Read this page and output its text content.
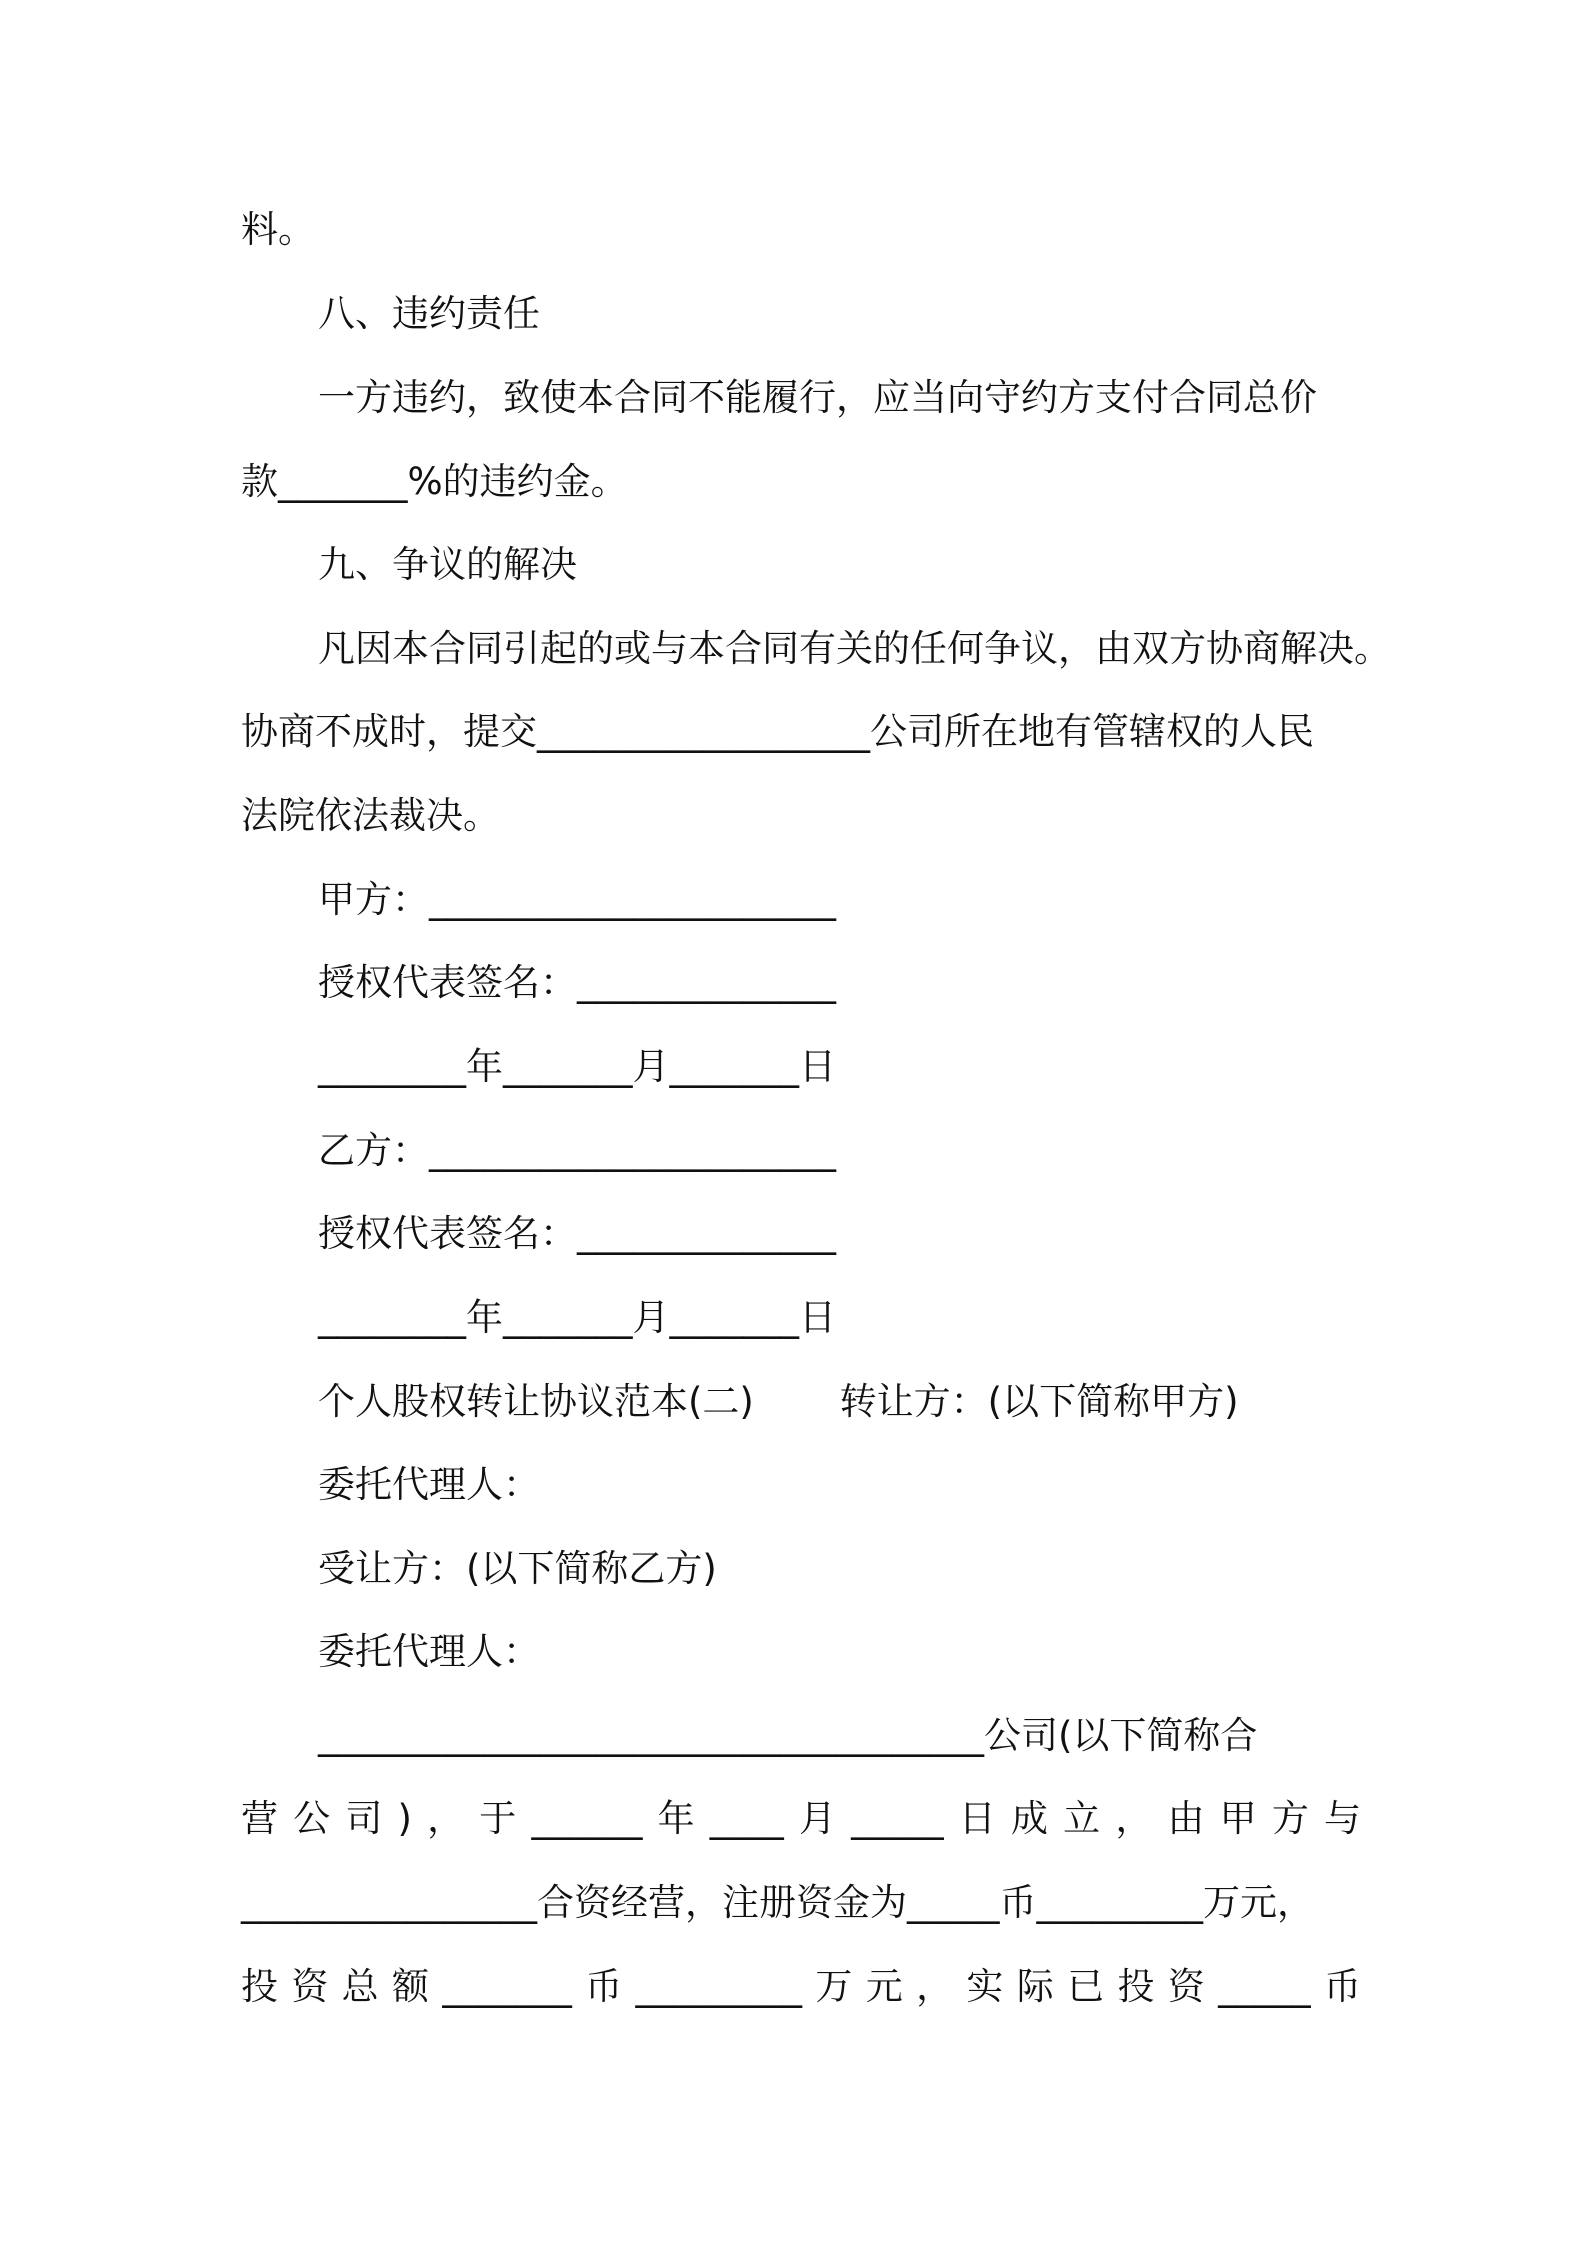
料。
八、违约责任
一方违约，致使本合同不能履行，应当向守约方支付合同总价
款_______%的违约金。
九、争议的解决
凡因本合同引起的或与本合同有关的任何争议，由双方协商解决。
协商不成时，提交__________________公司所在地有管辖权的人民
法院依法裁决。
甲方：______________________
授权代表签名：______________
________年_______月_______日
乙方：______________________
授权代表签名：______________
________年_______月_______日
个人股权转让协议范本(二)　　 转让方：(以下简称甲方)
委托代理人：
受让方：(以下简称乙方)
委托代理人：
____________________________________公司(以下简称合
营公司)，于______年____月_____日成立，由甲方与
________________合资经营，注册资金为_____币_________万元，
投资总额_______币_________万元，实际已投资_____币
